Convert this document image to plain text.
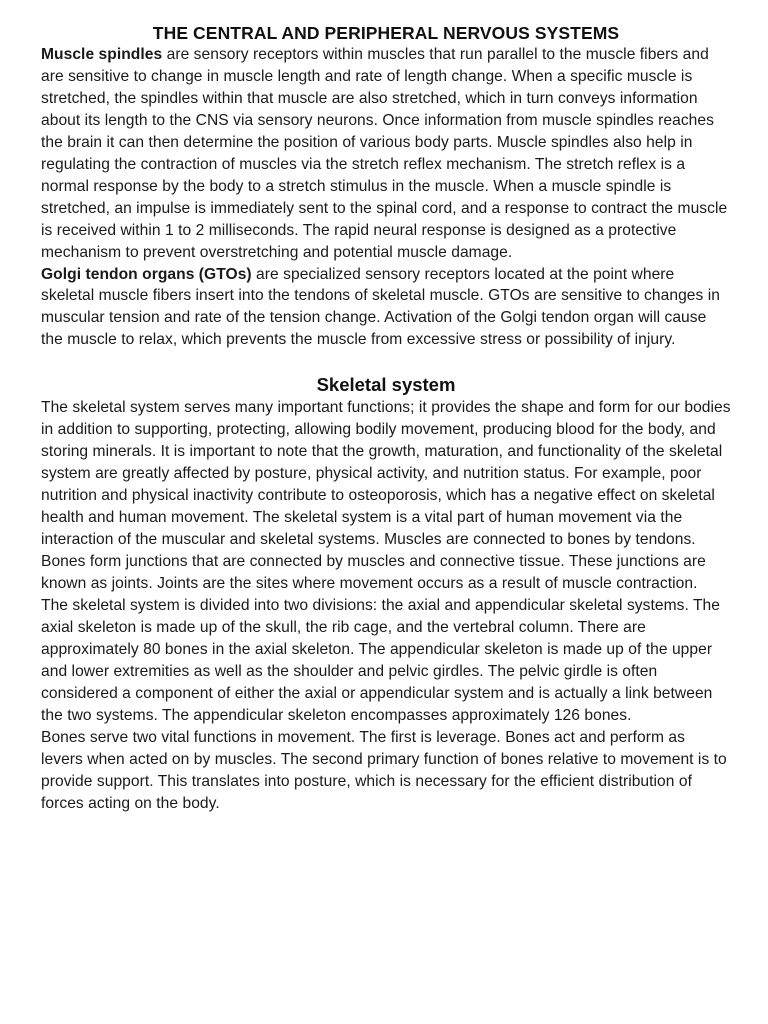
THE CENTRAL AND PERIPHERAL NERVOUS SYSTEMS

Muscle spindles are sensory receptors within muscles that run parallel to the muscle fibers and are sensitive to change in muscle length and rate of length change. When a specific muscle is stretched, the spindles within that muscle are also stretched, which in turn conveys information about its length to the CNS via sensory neurons. Once information from muscle spindles reaches the brain it can then determine the position of various body parts. Muscle spindles also help in regulating the contraction of muscles via the stretch reflex mechanism. The stretch reflex is a normal response by the body to a stretch stimulus in the muscle. When a muscle spindle is stretched, an impulse is immediately sent to the spinal cord, and a response to contract the muscle is received within 1 to 2 milliseconds. The rapid neural response is designed as a protective mechanism to prevent overstretching and potential muscle damage.

Golgi tendon organs (GTOs) are specialized sensory receptors located at the point where skeletal muscle fibers insert into the tendons of skeletal muscle. GTOs are sensitive to changes in muscular tension and rate of the tension change. Activation of the Golgi tendon organ will cause the muscle to relax, which prevents the muscle from excessive stress or possibility of injury.

Skeletal system

The skeletal system serves many important functions; it provides the shape and form for our bodies in addition to supporting, protecting, allowing bodily movement, producing blood for the body, and storing minerals. It is important to note that the growth, maturation, and functionality of the skeletal system are greatly affected by posture, physical activity, and nutrition status. For example, poor nutrition and physical inactivity contribute to osteoporosis, which has a negative effect on skeletal health and human movement. The skeletal system is a vital part of human movement via the interaction of the muscular and skeletal systems. Muscles are connected to bones by tendons. Bones form junctions that are connected by muscles and connective tissue. These junctions are known as joints. Joints are the sites where movement occurs as a result of muscle contraction.

The skeletal system is divided into two divisions: the axial and appendicular skeletal systems. The axial skeleton is made up of the skull, the rib cage, and the vertebral column. There are approximately 80 bones in the axial skeleton. The appendicular skeleton is made up of the upper and lower extremities as well as the shoulder and pelvic girdles. The pelvic girdle is often considered a component of either the axial or appendicular system and is actually a link between the two systems. The appendicular skeleton encompasses approximately 126 bones.

Bones serve two vital functions in movement. The first is leverage. Bones act and perform as levers when acted on by muscles. The second primary function of bones relative to movement is to provide support. This translates into posture, which is necessary for the efficient distribution of forces acting on the body.
